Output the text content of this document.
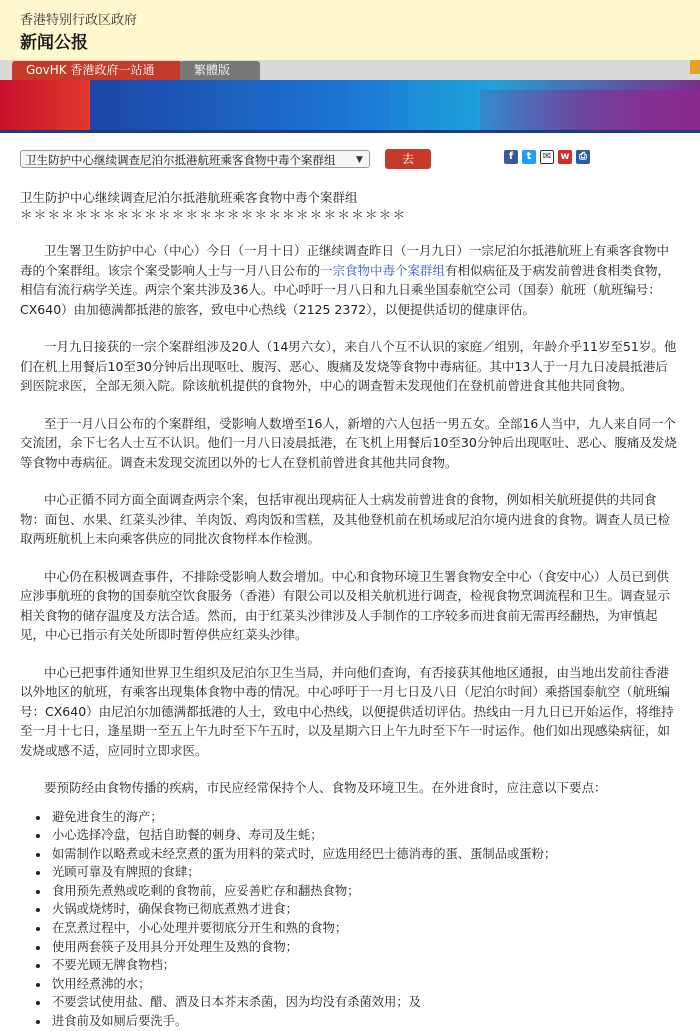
香港特别行政区政府
新闻公报
GovHK 香港政府一站通	繁體版
卫生防护中心继续调查尼泊尔抵港航班乘客食物中毒个案群组	▼	去	f	t	✉ w ⎙
卫生防护中心继续调查尼泊尔抵港航班乘客食物中毒个案群组
＊＊＊＊＊＊＊＊＊＊＊＊＊＊＊＊＊＊＊＊＊＊＊＊＊＊＊＊

卫生署卫生防护中心（中心）今日（一月十日）正继续调查昨日（一月九日）一宗尼泊尔抵港航班上有乘客食物中毒的个案群组。该宗个案受影响人士与一月八日公布的一宗食物中毒个案群组有相似病征及于病发前曾进食相类食物，相信有流行病学关连。两宗个案共涉及36人。中心呼吁一月八日和九日乘坐国泰航空公司（国泰）航班（航班编号：CX640）由加德满都抵港的旅客，致电中心热线（2125 2372），以便提供适切的健康评估。

一月九日接获的一宗个案群组涉及20人（14男六女），来自八个互不认识的家庭／组别，年龄介乎11岁至51岁。他们在机上用餐后10至30分钟后出现呕吐、腹泻、恶心、腹痛及发烧等食物中毒病征。其中13人于一月九日凌晨抵港后到医院求医，全部无须入院。除该航机提供的食物外，中心的调查暂未发现他们在登机前曾进食其他共同食物。

至于一月八日公布的个案群组，受影响人数增至16人，新增的六人包括一男五女。全部16人当中，九人来自同一个交流团，余下七名人士互不认识。他们一月八日凌晨抵港，在飞机上用餐后10至30分钟后出现呕吐、恶心、腹痛及发烧等食物中毒病征。调查未发现交流团以外的七人在登机前曾进食其他共同食物。

中心正循不同方面全面调查两宗个案，包括审视出现病征人士病发前曾进食的食物，例如相关航班提供的共同食物：面包、水果、红菜头沙律、羊肉饭、鸡肉饭和雪糕，及其他登机前在机场或尼泊尔境内进食的食物。调查人员已检取两班航机上未向乘客供应的同批次食物样本作检测。

中心仍在积极调查事件，不排除受影响人数会增加。中心和食物环境卫生署食物安全中心（食安中心）人员已到供应涉事航班的食物的国泰航空饮食服务（香港）有限公司以及相关航机进行调查，检视食物烹调流程和卫生。调查显示相关食物的储存温度及方法合适。然而，由于红菜头沙律涉及人手制作的工序较多而进食前无需再经翻热，为审慎起见，中心已指示有关处所即时暂停供应红菜头沙律。

中心已把事件通知世界卫生组织及尼泊尔卫生当局，并向他们查询，有否接获其他地区通报，由当地出发前往香港以外地区的航班，有乘客出现集体食物中毒的情况。中心呼吁于一月七日及八日（尼泊尔时间）乘搭国泰航空（航班编号：CX640）由尼泊尔加德满都抵港的人士，致电中心热线，以便提供适切评估。热线由一月九日已开始运作，将维持至一月十七日，逢星期一至五上午九时至下午五时，以及星期六日上午九时至下午一时运作。他们如出现感染病征，如发烧或感不适，应同时立即求医。

要预防经由食物传播的疾病，市民应经常保持个人、食物及环境卫生。在外进食时，应注意以下要点：

• 避免进食生的海产；
• 小心选择冷盘，包括自助餐的刺身、寿司及生蚝；
• 如需制作以略煮或未经烹煮的蛋为用料的菜式时，应选用经巴士德消毒的蛋、蛋制品或蛋粉；
• 光顾可靠及有牌照的食肆；
• 食用预先煮熟或吃剩的食物前，应妥善贮存和翻热食物；
• 火锅或烧烤时，确保食物已彻底煮熟才进食；
• 在烹煮过程中，小心处理并要彻底分开生和熟的食物；
• 使用两套筷子及用具分开处理生及熟的食物；
• 不要光顾无牌食物档；
• 饮用经煮沸的水；
• 不要尝试使用盐、醋、酒及日本芥末杀菌，因为均没有杀菌效用；及
• 进食前及如厕后要洗手。
